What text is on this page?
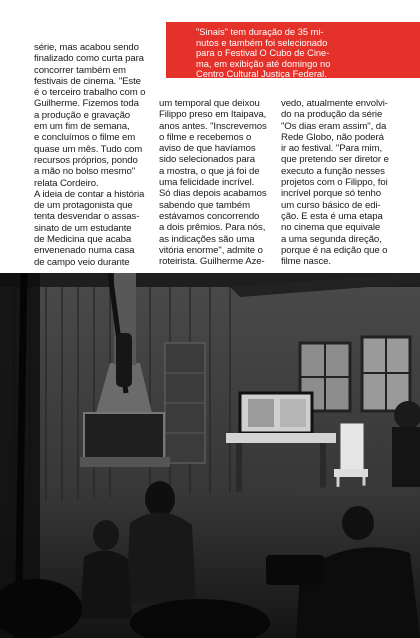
"Sinais" tem duração de 35 mi-
nutos e também foi selecionado
para o Festival O Cubo de Cine-
ma, em exibição até domingo no
Centro Cultural Justiça Federal.

série, mas acabou sendo
finalizado como curta para
concorrer também em
festivais de cinema. "Este
é o terceiro trabalho com o
Guilherme. Fizemos toda
a produção e gravação
em um fim de semana,
e concluímos o filme em
quase um mês. Tudo com
recursos próprios, pondo
a mão no bolso mesmo"
relata Cordeiro.

A ideia de contar a história
de um protagonista que
tenta desvendar o assas-
sinato de um estudante
de Medicina que acaba
envenenado numa casa
de campo veio durante

um temporal que deixou
Filippo preso em Itaipava,
anos antes. "Inscrevemos
o filme e recebemos o
aviso de que havíamos
sido selecionados para
a mostra, o que já foi de
uma felicidade incrível.
Só dias depois acabamos
sabendo que também
estávamos concorrendo
a dois prêmios. Para nós,
as indicações são uma
vitória enorme", admite o
roteirista. Guilherme Aze-

vedo, atualmente envolvi-
do na produção da série
"Os dias eram assim", da
Rede Globo, não poderá
ir ao festival. "Para mim,
que pretendo ser diretor e
executo a função nesses
projetos com o Filippo, foi
incrível porque só tenho
um curso básico de edi-
ção. E esta é uma etapa
no cinema que equivale
a uma segunda direção,
porque é na edição que o
filme nasce.
